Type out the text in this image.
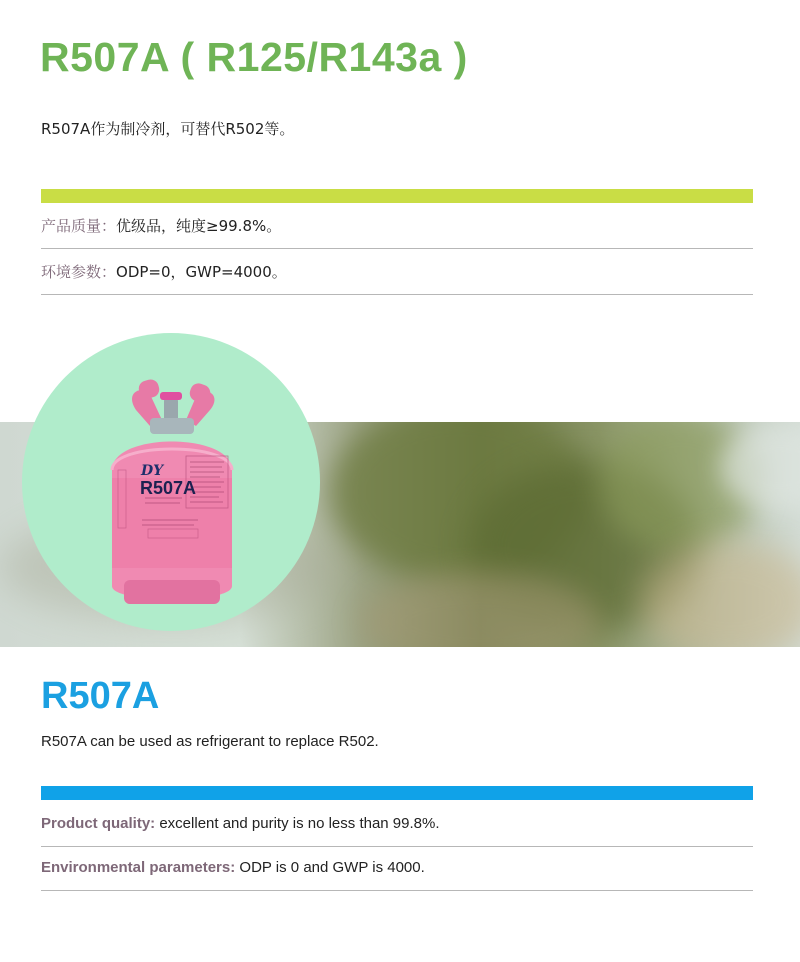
R507A ( R125/R143a )
R507A作为制冷剂，可替代R502等。
产品质量：优级品，纯度≥99.8%。
环境参数：ODP=0，GWP=4000。
DY
R507A
R507A
R507A can be used as refrigerant to replace R502.
Product quality: excellent and purity is no less than 99.8%.
Environmental parameters: ODP is 0 and GWP is 4000.
